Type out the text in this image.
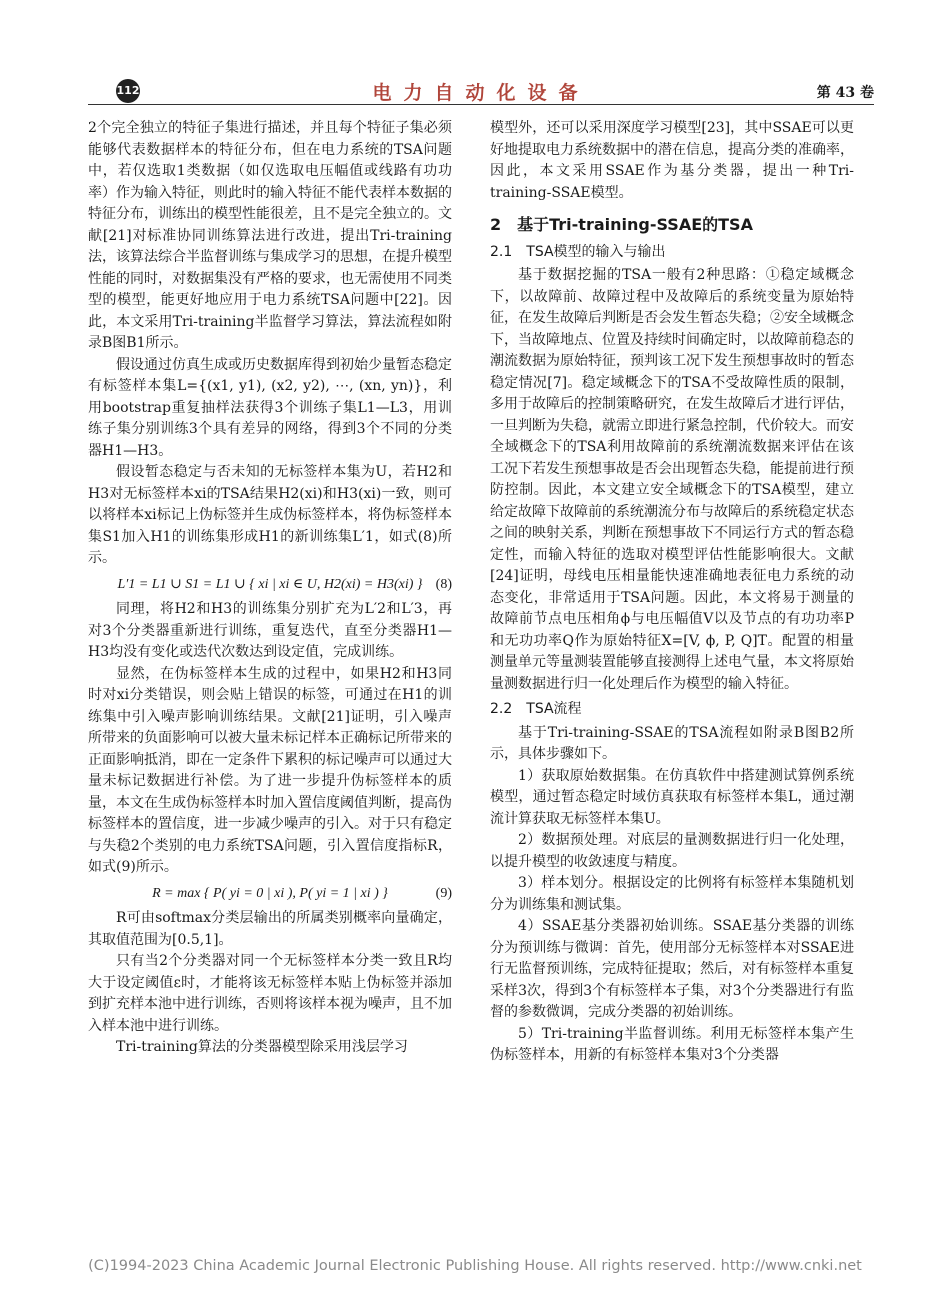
112	电力自动化设备	第 43 卷

2个完全独立的特征子集进行描述，并且每个特征子集必须能够代表数据样本的特征分布，但在电力系统的TSA问题中，若仅选取1类数据（如仅选取电压幅值或线路有功功率）作为输入特征，则此时的输入特征不能代表样本数据的特征分布，训练出的模型性能很差，且不是完全独立的。文献[21]对标准协同训练算法进行改进，提出Tri-training法，该算法综合半监督训练与集成学习的思想，在提升模型性能的同时，对数据集没有严格的要求，也无需使用不同类型的模型，能更好地应用于电力系统TSA问题中[22]。因此，本文采用Tri-training半监督学习算法，算法流程如附录B图B1所示。

假设通过仿真生成或历史数据库得到初始少量暂态稳定有标签样本集L={(x1, y1), (x2, y2), ⋯, (xn, yn)}，利用bootstrap重复抽样法获得3个训练子集L1—L3，用训练子集分别训练3个具有差异的网络，得到3个不同的分类器H1—H3。

假设暂态稳定与否未知的无标签样本集为U，若H2和H3对无标签样本xi的TSA结果H2(xi)和H3(xi)一致，则可以将样本xi标记上伪标签并生成伪标签样本，将伪标签样本集S1加入H1的训练集形成H1的新训练集L′1，如式(8)所示。

L′1 = L1 ∪ S1 = L1 ∪ { xi | xi ∈ U, H2(xi) = H3(xi) } (8)

同理，将H2和H3的训练集分别扩充为L′2和L′3，再对3个分类器重新进行训练，重复迭代，直至分类器H1—H3均没有变化或迭代次数达到设定值，完成训练。

显然，在伪标签样本生成的过程中，如果H2和H3同时对xi分类错误，则会贴上错误的标签，可通过在H1的训练集中引入噪声影响训练结果。文献[21]证明，引入噪声所带来的负面影响可以被大量未标记样本正确标记所带来的正面影响抵消，即在一定条件下累积的标记噪声可以通过大量未标记数据进行补偿。为了进一步提升伪标签样本的质量，本文在生成伪标签样本时加入置信度阈值判断，提高伪标签样本的置信度，进一步减少噪声的引入。对于只有稳定与失稳2个类别的电力系统TSA问题，引入置信度指标R，如式(9)所示。

R = max { P( yi = 0 | xi ), P( yi = 1 | xi ) }	(9)

R可由softmax分类层输出的所属类别概率向量确定，其取值范围为[0.5,1]。

只有当2个分类器对同一个无标签样本分类一致且R均大于设定阈值ε时，才能将该无标签样本贴上伪标签并添加到扩充样本池中进行训练，否则将该样本视为噪声，且不加入样本池中进行训练。

Tri-training算法的分类器模型除采用浅层学习

模型外，还可以采用深度学习模型[23]，其中SSAE可以更好地提取电力系统数据中的潜在信息，提高分类的准确率，因此，本文采用SSAE作为基分类器，提出一种Tri-training-SSAE模型。

2　基于Tri-training-SSAE的TSA
2.1　TSA模型的输入与输出

基于数据挖掘的TSA一般有2种思路：①稳定域概念下，以故障前、故障过程中及故障后的系统变量为原始特征，在发生故障后判断是否会发生暂态失稳；②安全域概念下，当故障地点、位置及持续时间确定时，以故障前稳态的潮流数据为原始特征，预判该工况下发生预想事故时的暂态稳定情况[7]。稳定域概念下的TSA不受故障性质的限制，多用于故障后的控制策略研究，在发生故障后才进行评估，一旦判断为失稳，就需立即进行紧急控制，代价较大。而安全域概念下的TSA利用故障前的系统潮流数据来评估在该工况下若发生预想事故是否会出现暂态失稳，能提前进行预防控制。因此，本文建立安全域概念下的TSA模型，建立给定故障下故障前的系统潮流分布与故障后的系统稳定状态之间的映射关系，判断在预想事故下不同运行方式的暂态稳定性，而输入特征的选取对模型评估性能影响很大。文献[24]证明，母线电压相量能快速准确地表征电力系统的动态变化，非常适用于TSA问题。因此，本文将易于测量的故障前节点电压相角ϕ与电压幅值V以及节点的有功功率P和无功功率Q作为原始特征X=[V, ϕ, P, Q]T。配置的相量测量单元等量测装置能够直接测得上述电气量，本文将原始量测数据进行归一化处理后作为模型的输入特征。

2.2　TSA流程

基于Tri-training-SSAE的TSA流程如附录B图B2所示，具体步骤如下。

1）获取原始数据集。在仿真软件中搭建测试算例系统模型，通过暂态稳定时域仿真获取有标签样本集L，通过潮流计算获取无标签样本集U。

2）数据预处理。对底层的量测数据进行归一化处理，以提升模型的收敛速度与精度。

3）样本划分。根据设定的比例将有标签样本集随机划分为训练集和测试集。

4）SSAE基分类器初始训练。SSAE基分类器的训练分为预训练与微调：首先，使用部分无标签样本对SSAE进行无监督预训练，完成特征提取；然后，对有标签样本重复采样3次，得到3个有标签样本子集，对3个分类器进行有监督的参数微调，完成分类器的初始训练。

5）Tri-training半监督训练。利用无标签样本集产生伪标签样本，用新的有标签样本集对3个分类器

(C)1994-2023 China Academic Journal Electronic Publishing House. All rights reserved. http://www.cnki.net
